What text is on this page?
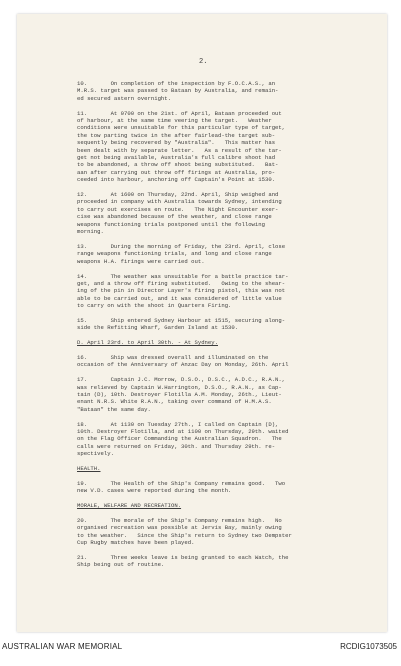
2.

10.       On completion of the inspection by F.O.C.A.S., an
M.R.S. target was passed to Bataan by Australia, and remain-
ed secured astern overnight.

11.       At 0700 on the 21st. of April, Bataan proceeded out
of harbour, at the same time veering the target.   Weather
conditions were unsuitable for this particular type of target,
the tow parting twice in the after fairlead-the target sub-
sequently being recovered by "Australia".   This matter has
been dealt with by separate letter.   As a result of the tar-
get not being available, Australia's full calibre shoot had
to be abandoned, a throw off shoot being substituted.   Bat-
aan after carrying out throw off firings at Australia, pro-
ceeded into harbour, anchoring off Captain's Point at 1530.

12.       At 1600 on Thursday, 22nd. April, Ship weighed and
proceeded in company with Australia towards Sydney, intending
to carry out exercises en route.   The Night Encounter exer-
cise was abandoned because of the weather, and close range
weapons functioning trials postponed until the following
morning.

13.       During the morning of Friday, the 23rd. April, close
range weapons functioning trials, and long and close range
weapons H.A. firings were carried out.

14.       The weather was unsuitable for a battle practice tar-
get, and a throw off firing substituted.   Owing to the shear-
ing of the pin in Director Layer's firing pistol, this was not
able to be carried out, and it was considered of little value
to carry on with the shoot in Quarters Firing.

15.       Ship entered Sydney Harbour at 1515, securing along-
side the Refitting Wharf, Garden Island at 1530.

D. April 23rd. to April 30th. - At Sydney.

16.       Ship was dressed overall and illuminated on the
occasion of the Anniversary of Anzac Day on Monday, 26th. April

17.       Captain J.C. Morrow, D.S.O., D.S.C., A.D.C., R.A.N.,
was relieved by Captain W.Harrington, D.S.O., R.A.N., as Cap-
tain (D), 10th. Destroyer Flotilla A.M. Monday, 26th., Lieut-
enant N.R.S. White R.A.N., taking over command of H.M.A.S.
"Bataan" the same day.

18.       At 1130 on Tuesday 27th., I called on Captain (D),
10th. Destroyer Flotilla, and at 1100 on Thursday, 29th. waited
on the Flag Officer Commanding the Australian Squadron.   The
calls were returned on Friday, 30th. and Thursday 29th. re-
spectively.

HEALTH.

19.       The Health of the Ship's Company remains good.   Two
new V.D. cases were reported during the month.

MORALE, WELFARE AND RECREATION.

20.       The morale of the Ship's Company remains high.   No
organised recreation was possible at Jervis Bay, mainly owing
to the weather.   Since the Ship's return to Sydney two Dempster
Cup Rugby matches have been played.

21.       Three weeks leave is being granted to each Watch, the
Ship being out of routine.

AUSTRALIAN WAR MEMORIAL	RCDIG1073505
